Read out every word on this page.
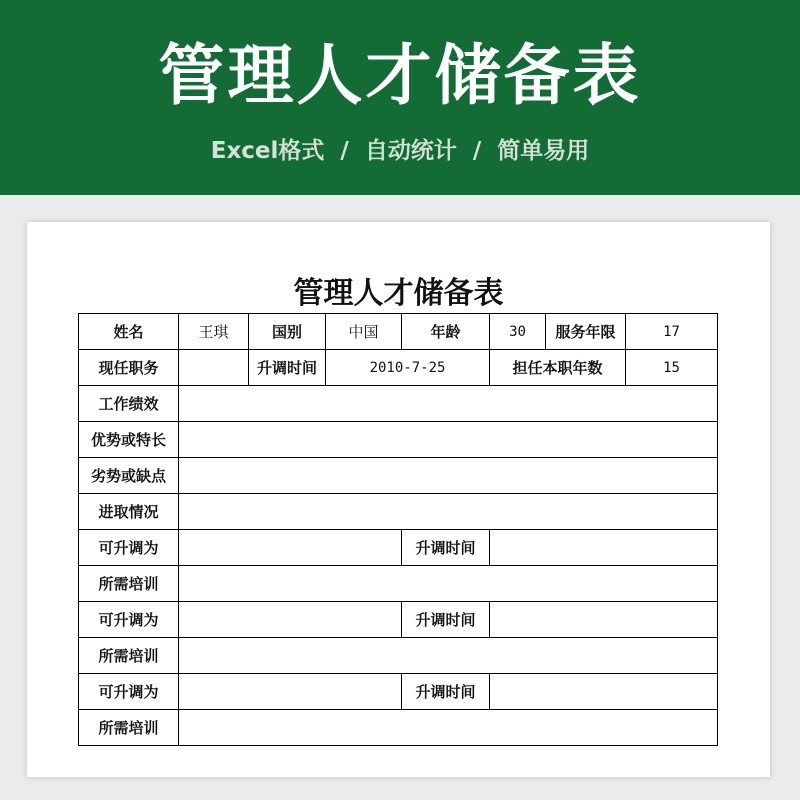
管理人才储备表
Excel格式  /  自动统计  /  简单易用
管理人才储备表
姓名	王琪	国别	中国	年龄	30	服务年限	17
现任职务		升调时间	2010-7-25		担任本职年数		15
工作绩效							
优势或特长							
劣势或缺点							
进取情况							
可升调为				升调时间			
所需培训							
可升调为				升调时间			
所需培训							
可升调为				升调时间			
所需培训							
